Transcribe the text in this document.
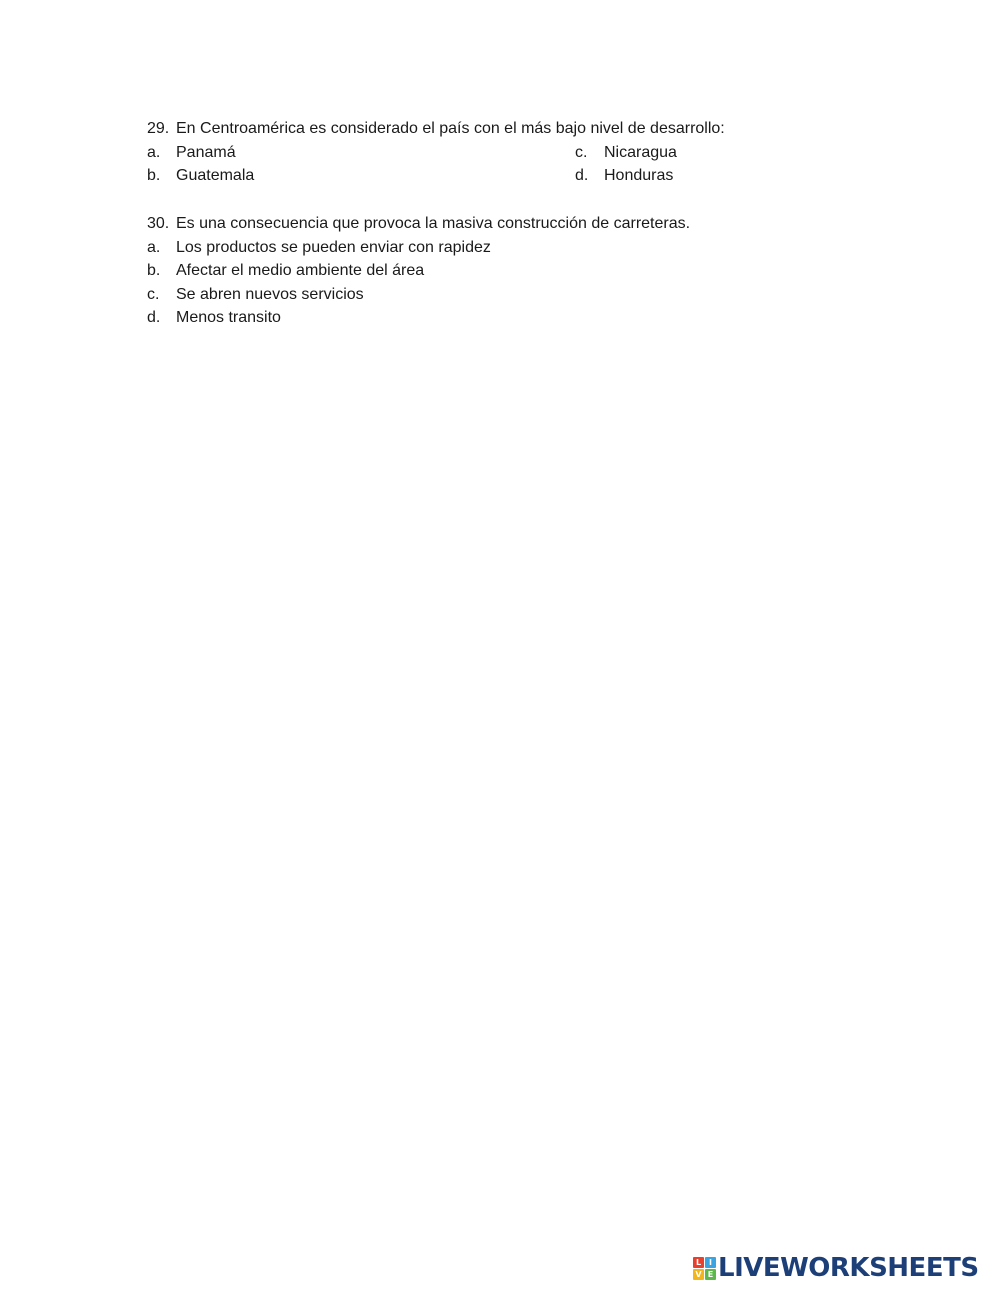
29. En Centroamérica es considerado el país con el más bajo nivel de desarrollo:
a. Panamá	c.	Nicaragua
b. Guatemala	d. Honduras
30. Es una consecuencia que provoca la masiva construcción de carreteras.
a. Los productos se pueden enviar con rapidez
b. Afectar el medio ambiente del área
c.	Se abren nuevos servicios
d. Menos transito
L I
V E LIVEWORKSHEETS
